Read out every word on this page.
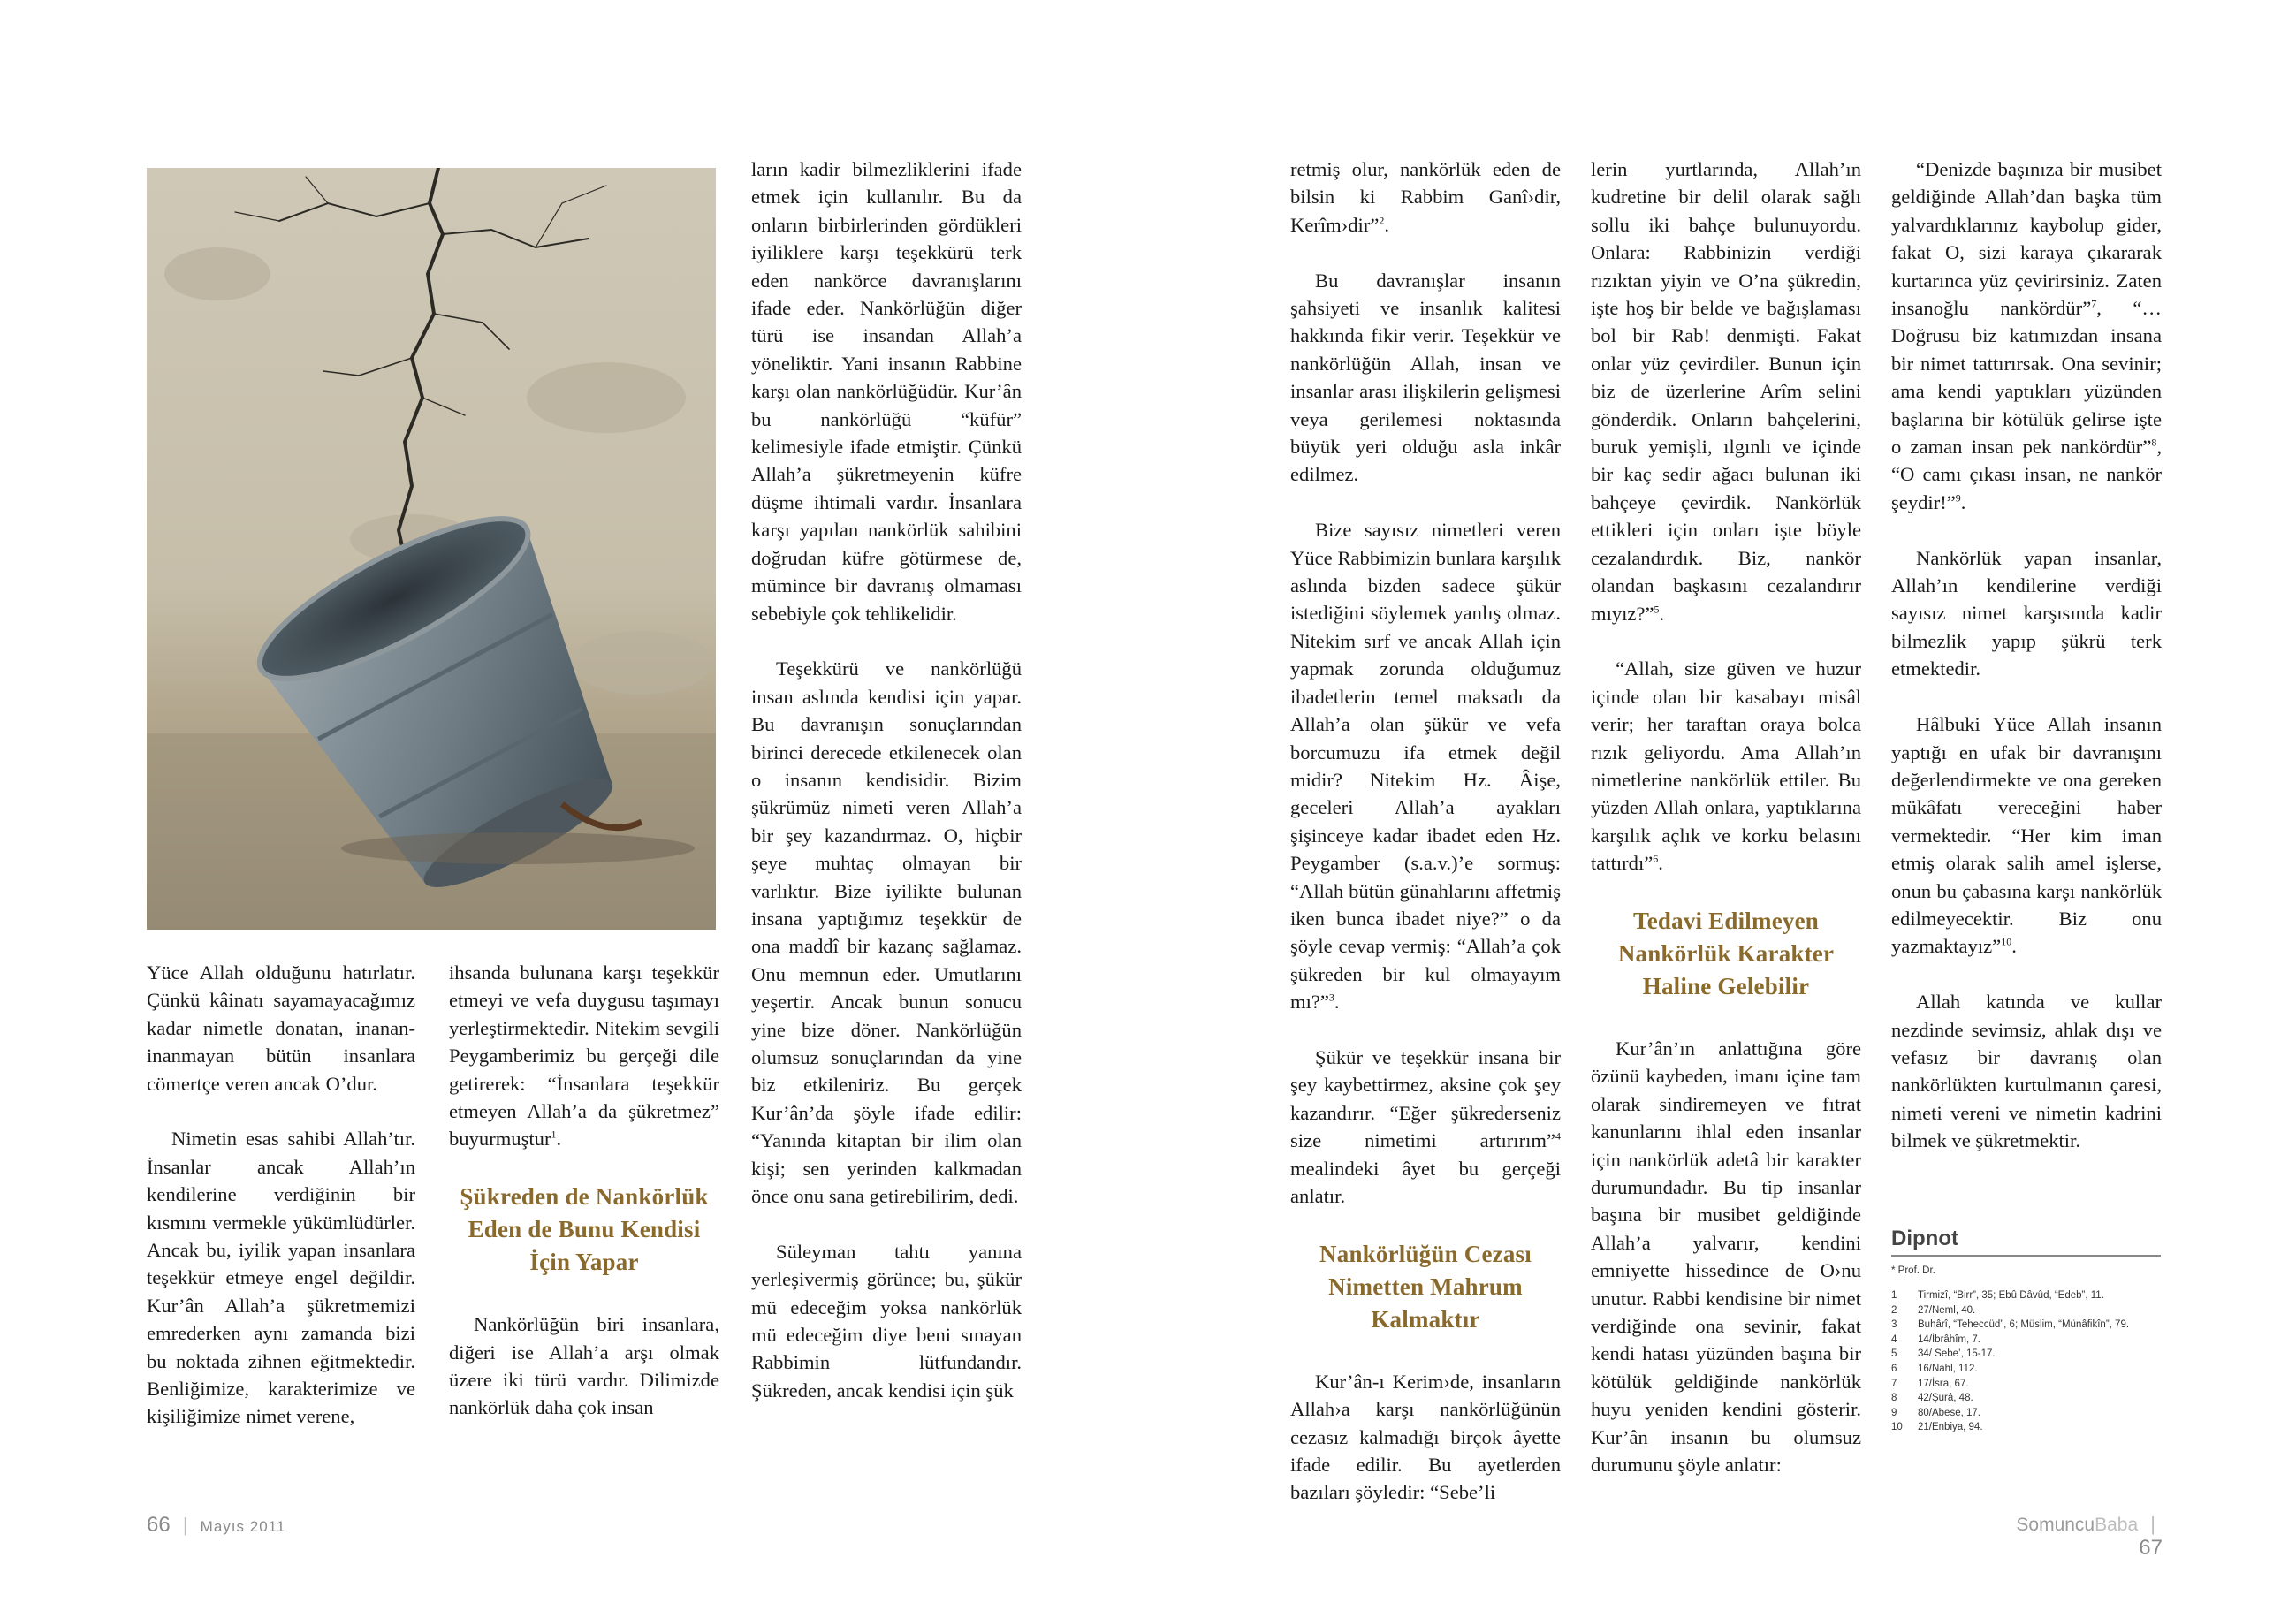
Yüce Allah olduğunu hatırlatır. Çünkü kâinatı sayamayacağımız kadar nimetle donatan, inanan-inanmayan bütün insanlara cömertçe veren ancak O’dur.

Nimetin esas sahibi Allah’tır. İnsanlar ancak Allah’ın kendilerine verdiğinin bir kısmını vermekle yükümlüdürler. Ancak bu, iyilik yapan insanlara teşekkür etmeye engel değildir. Kur’ân Allah’a şükretmemizi emrederken aynı zamanda bizi bu noktada zihnen eğitmektedir. Benliğimize, karakterimize ve kişiliğimize nimet verene,

ihsanda bulunana karşı teşekkür etmeyi ve vefa duygusu taşımayı yerleştirmektedir. Nitekim sevgili Peygamberimiz bu gerçeği dile getirerek: “İnsanlara teşekkür etmeyen Allah’a da şükretmez” buyurmuştur$^1$.

Şükreden de Nankörlük Eden de Bunu Kendisi İçin Yapar

Nankörlüğün biri insanlara, diğeri ise Allah’a arşı olmak üzere iki türü vardır. Dilimizde nankörlük daha çok insan

ların kadir bilmezliklerini ifade etmek için kullanılır. Bu da onların birbirlerinden gördükleri iyiliklere karşı teşekkürü terk eden nankörce davranışlarını ifade eder. Nankörlüğün diğer türü ise insandan Allah’a yöneliktir. Yani insanın Rabbine karşı olan nankörlüğüdür. Kur’ân bu nankörlüğü “küfür” kelimesiyle ifade etmiştir. Çünkü Allah’a şükretmeyenin küfre düşme ihtimali vardır. İnsanlara karşı yapılan nankörlük sahibini doğrudan küfre götürmese de, mümince bir davranış olmaması sebebiyle çok tehlikelidir.

Teşekkürü ve nankörlüğü insan aslında kendisi için yapar. Bu davranışın sonuçlarından birinci derecede etkilenecek olan o insanın kendisidir. Bizim şükrümüz nimeti veren Allah’a bir şey kazandırmaz. O, hiçbir şeye muhtaç olmayan bir varlıktır. Bize iyilikte bulunan insana yaptığımız teşekkür de ona maddî bir kazanç sağlamaz. Onu memnun eder. Umutlarını yeşertir. Ancak bunun sonucu yine bize döner. Nankörlüğün olumsuz sonuçlarından da yine biz etkileniriz. Bu gerçek Kur’ân’da şöyle ifade edilir: “Yanında kitaptan bir ilim olan kişi; sen yerinden kalkmadan önce onu sana getirebilirim, dedi.

Süleyman tahtı yanına yerleşivermiş görünce; bu, şükür mü edeceğim yoksa nankörlük mü edeceğim diye beni sınayan Rabbimin lütfundandır. Şükreden, ancak kendisi için şük

66 | Mayıs 2011

retmiş olur, nankörlük eden de bilsin ki Rabbim Ganî›dir, Kerîm›dir”$^2$.

Bu davranışlar insanın şahsiyeti ve insanlık kalitesi hakkında fikir verir. Teşekkür ve nankörlüğün Allah, insan ve insanlar arası ilişkilerin gelişmesi veya gerilemesi noktasında büyük yeri olduğu asla inkâr edilmez.

Bize sayısız nimetleri veren Yüce Rabbimizin bunlara karşılık aslında bizden sadece şükür istediğini söylemek yanlış olmaz. Nitekim sırf ve ancak Allah için yapmak zorunda olduğumuz ibadetlerin temel maksadı da Allah’a olan şükür ve vefa borcumuzu ifa etmek değil midir? Nitekim Hz. Âişe, geceleri Allah’a ayakları şişinceye kadar ibadet eden Hz. Peygamber (s.a.v.)’e sormuş: “Allah bütün günahlarını affetmiş iken bunca ibadet niye?” o da şöyle cevap vermiş: “Allah’a çok şükreden bir kul olmayayım mı?”$^3$.

Şükür ve teşekkür insana bir şey kaybettirmez, aksine çok şey kazandırır. “Eğer şükrederseniz size nimetimi artırırım”$^4$ mealindeki âyet bu gerçeği anlatır.

Nankörlüğün Cezası Nimetten Mahrum Kalmaktır

Kur’ân-ı Kerim›de, insanların Allah›a karşı nankörlüğünün cezasız kalmadığı birçok âyette ifade edilir. Bu ayetlerden bazıları şöyledir: “Sebe’li

lerin yurtlarında, Allah’ın kudretine bir delil olarak sağlı sollu iki bahçe bulunuyordu. Onlara: Rabbinizin verdiği rızıktan yiyin ve O’na şükredin, işte hoş bir belde ve bağışlaması bol bir Rab! denmişti. Fakat onlar yüz çevirdiler. Bunun için biz de üzerlerine Arîm selini gönderdik. Onların bahçelerini, buruk yemişli, ılgınlı ve içinde bir kaç sedir ağacı bulunan iki bahçeye çevirdik. Nankörlük ettikleri için onları işte böyle cezalandırdık. Biz, nankör olandan başkasını cezalandırır mıyız?”$^5$.

“Allah, size güven ve huzur içinde olan bir kasabayı misâl verir; her taraftan oraya bolca rızık geliyordu. Ama Allah’ın nimetlerine nankörlük ettiler. Bu yüzden Allah onlara, yaptıklarına karşılık açlık ve korku belasını tattırdı”$^6$.

Tedavi Edilmeyen Nankörlük Karakter Haline Gelebilir

Kur’ân’ın anlattığına göre özünü kaybeden, imanı içine tam olarak sindiremeyen ve fıtrat kanunlarını ihlal eden insanlar için nankörlük adetâ bir karakter durumundadır. Bu tip insanlar başına bir musibet geldiğinde Allah’a yalvarır, kendini emniyette hissedince de O›nu unutur. Rabbi kendisine bir nimet verdiğinde ona sevinir, fakat kendi hatası yüzünden başına bir kötülük geldiğinde nankörlük huyu yeniden kendini gösterir. Kur’ân insanın bu olumsuz durumunu şöyle anlatır:

“Denizde başınıza bir musibet geldiğinde Allah’dan başka tüm yalvardıklarınız kaybolup gider, fakat O, sizi karaya çıkararak kurtarınca yüz çevirirsiniz. Zaten insanoğlu nankördür”$^7$, “…Doğrusu biz katımızdan insana bir nimet tattırırsak. Ona sevinir; ama kendi yaptıkları yüzünden başlarına bir kötülük gelirse işte o zaman insan pek nankördür”$^8$, “O camı çıkası insan, ne nankör şeydir!”$^9$.

Nankörlük yapan insanlar, Allah’ın kendilerine verdiği sayısız nimet karşısında kadir bilmezlik yapıp şükrü terk etmektedir.

Hâlbuki Yüce Allah insanın yaptığı en ufak bir davranışını değerlendirmekte ve ona gereken mükâfatı vereceğini haber vermektedir. “Her kim iman etmiş olarak salih amel işlerse, onun bu çabasına karşı nankörlük edilmeyecektir. Biz onu yazmaktayız”$^{10}$.

Allah katında ve kullar nezdinde sevimsiz, ahlak dışı ve vefasız bir davranış olan nankörlükten kurtulmanın çaresi, nimeti vereni ve nimetin kadrini bilmek ve şükretmektir.

Dipnot
* Prof. Dr.
1	Tirmizî, “Birr”, 35; Ebû Dâvûd, “Edeb”, 11.
2	27/Neml, 40.
3	Buhârî, “Teheccüd”, 6; Müslim, “Münâfikîn”, 79.
4	14/İbrâhîm, 7.
5	34/ Sebe’, 15-17.
6	16/Nahl, 112.
7	17/İsra, 67.
8	42/Şurâ, 48.
9	80/Abese, 17.
10	21/Enbiya, 94.
SomuncuBaba | 67
